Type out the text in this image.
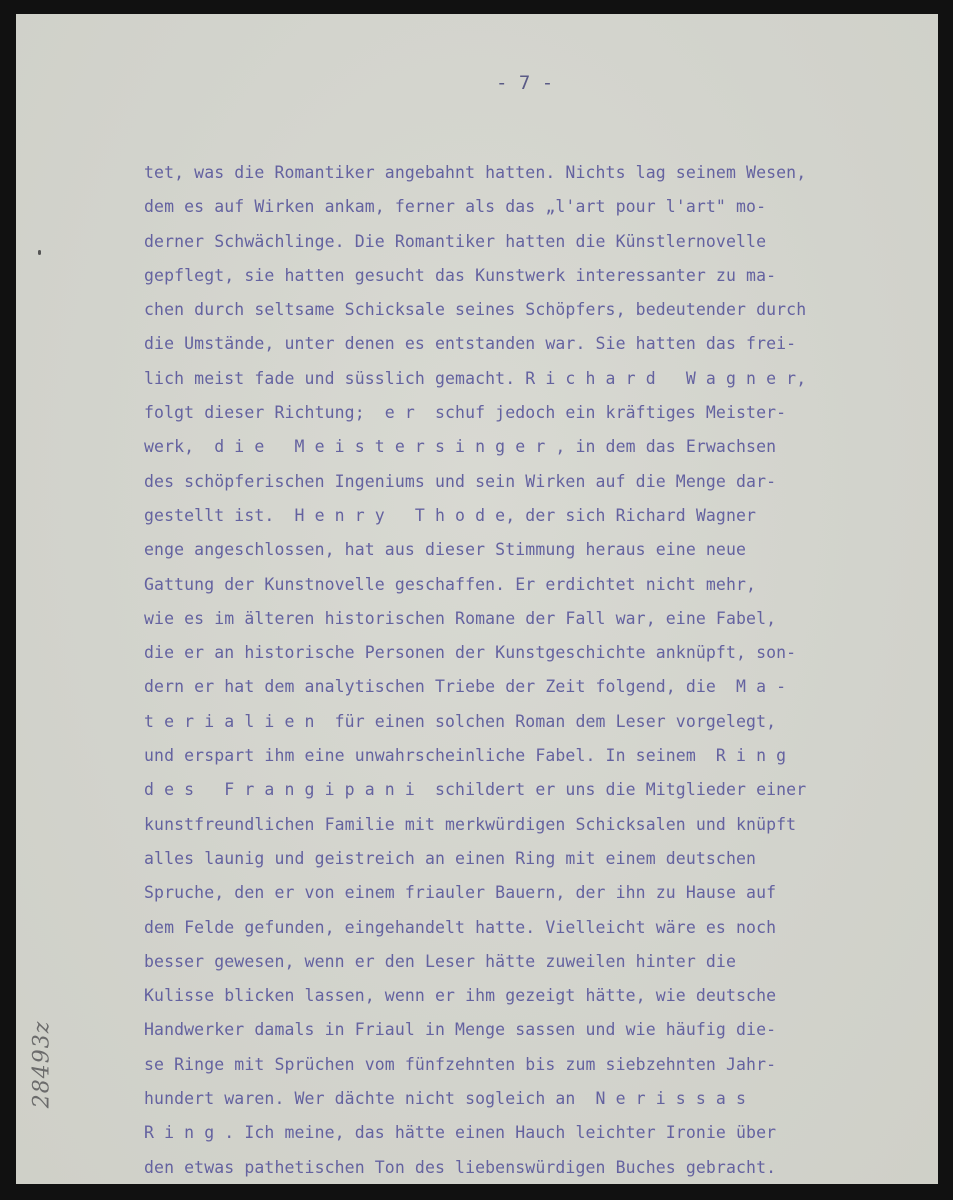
- 7 -
tet, was die Romantiker angebahnt hatten. Nichts lag seinem Wesen,
dem es auf Wirken ankam, ferner als das „l'art pour l'art" mo-
derner Schwächlinge. Die Romantiker hatten die Künstlernovelle
gepflegt, sie hatten gesucht das Kunstwerk interessanter zu ma-
chen durch seltsame Schicksale seines Schöpfers, bedeutender durch
die Umstände, unter denen es entstanden war. Sie hatten das frei-
lich meist fade und süsslich gemacht. R i c h a r d   W a g n e r,
folgt dieser Richtung;  e r  schuf jedoch ein kräftiges Meister-
werk,  d i e   M e i s t e r s i n g e r , in dem das Erwachsen
des schöpferischen Ingeniums und sein Wirken auf die Menge dar-
gestellt ist.  H e n r y   T h o d e, der sich Richard Wagner
enge angeschlossen, hat aus dieser Stimmung heraus eine neue
Gattung der Kunstnovelle geschaffen. Er erdichtet nicht mehr,
wie es im älteren historischen Romane der Fall war, eine Fabel,
die er an historische Personen der Kunstgeschichte anknüpft, son-
dern er hat dem analytischen Triebe der Zeit folgend, die  M a -
t e r i a l i e n  für einen solchen Roman dem Leser vorgelegt,
und erspart ihm eine unwahrscheinliche Fabel. In seinem  R i n g
d e s   F r a n g i p a n i  schildert er uns die Mitglieder einer
kunstfreundlichen Familie mit merkwürdigen Schicksalen und knüpft
alles launig und geistreich an einen Ring mit einem deutschen
Spruche, den er von einem friauler Bauern, der ihn zu Hause auf
dem Felde gefunden, eingehandelt hatte. Vielleicht wäre es noch
besser gewesen, wenn er den Leser hätte zuweilen hinter die
Kulisse blicken lassen, wenn er ihm gezeigt hätte, wie deutsche
Handwerker damals in Friaul in Menge sassen und wie häufig die-
se Ringe mit Sprüchen vom fünfzehnten bis zum siebzehnten Jahr-
hundert waren. Wer dächte nicht sogleich an  N e r i s s a s
R i n g . Ich meine, das hätte einen Hauch leichter Ironie über
den etwas pathetischen Ton des liebenswürdigen Buches gebracht.
28493z
